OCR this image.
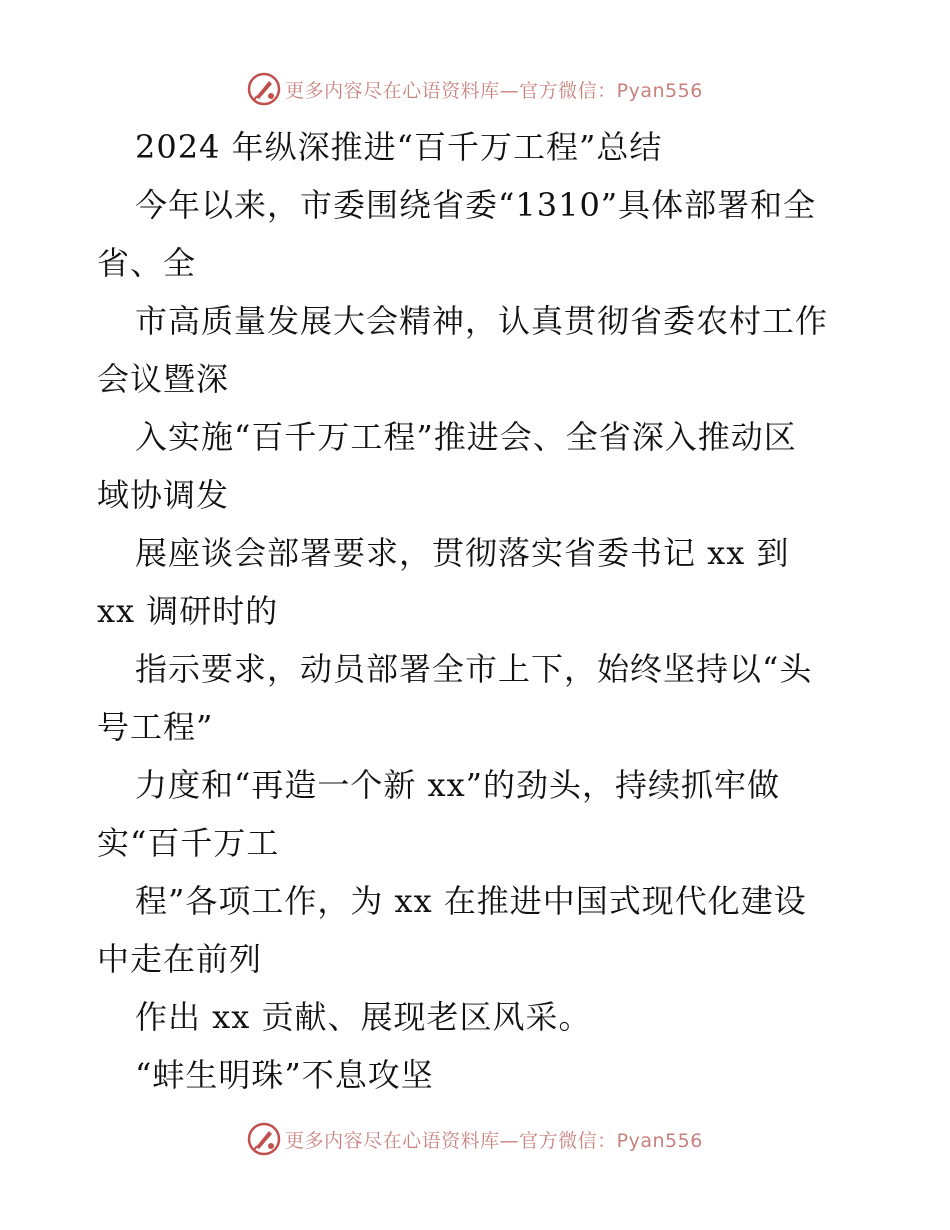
更多内容尽在心语资料库—官方微信：Pyan556
2024 年纵深推进“百千万工程”总结
今年以来，市委围绕省委“1310”具体部署和全
省、全
市高质量发展大会精神，认真贯彻省委农村工作
会议暨深
入实施“百千万工程”推进会、全省深入推动区
域协调发
展座谈会部署要求，贯彻落实省委书记 xx 到
xx 调研时的
指示要求，动员部署全市上下，始终坚持以“头
号工程”
力度和“再造一个新 xx”的劲头，持续抓牢做
实“百千万工
程”各项工作，为 xx 在推进中国式现代化建设
中走在前列
作出 xx 贡献、展现老区风采。
“蚌生明珠”不息攻坚
更多内容尽在心语资料库—官方微信：Pyan556
